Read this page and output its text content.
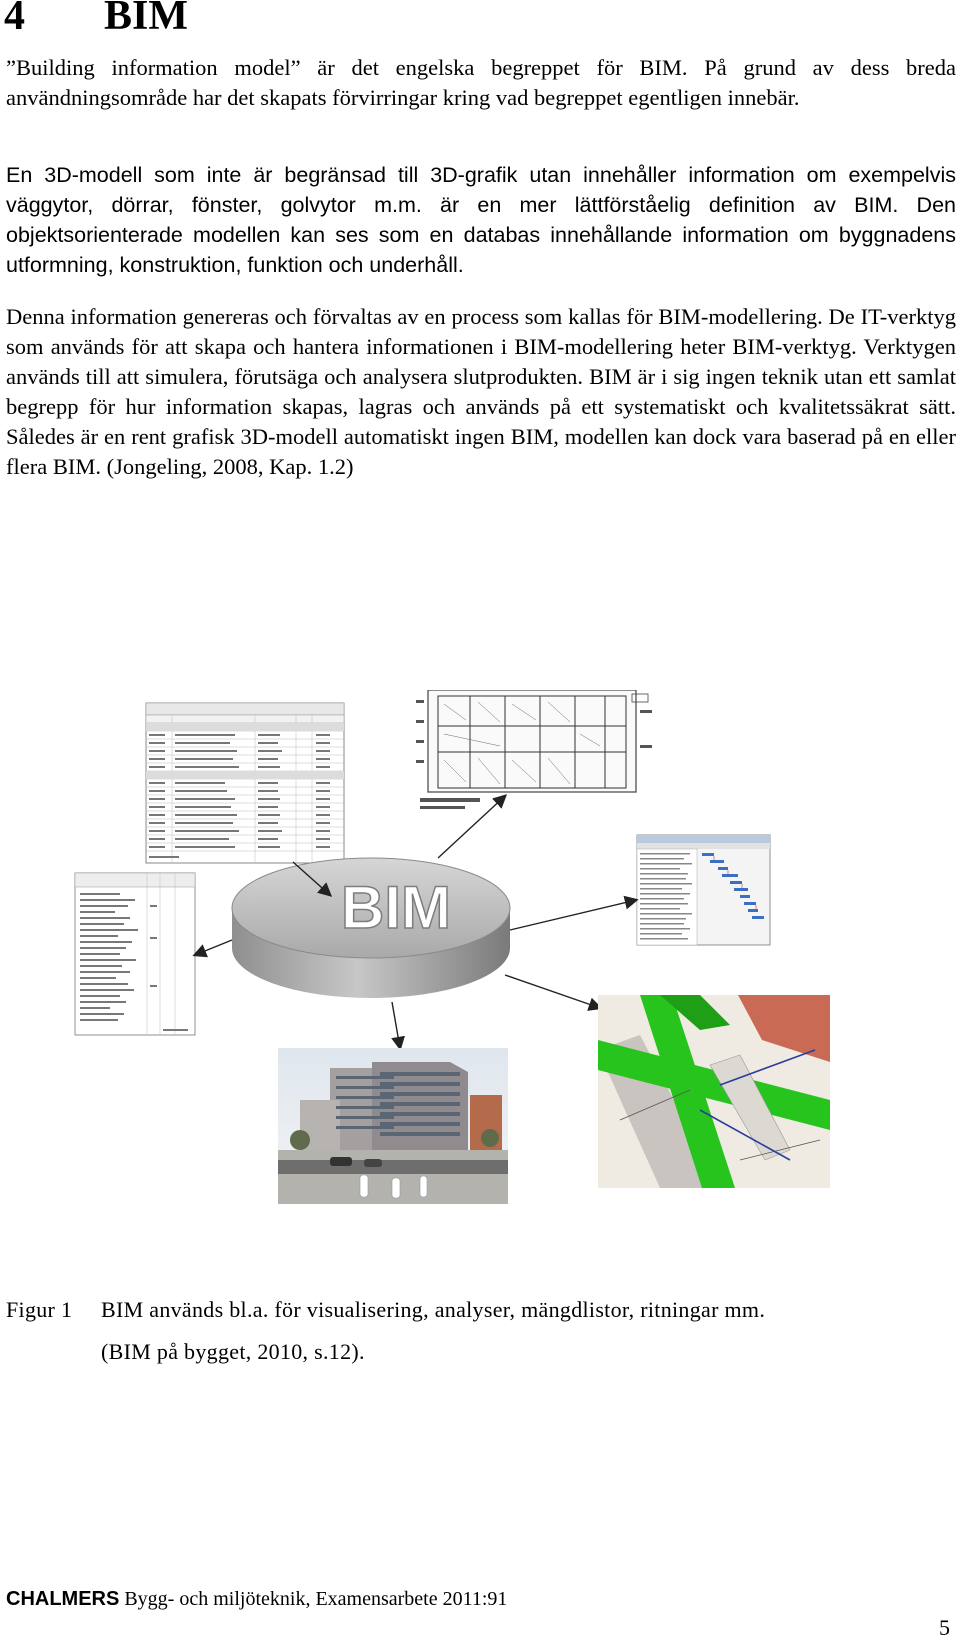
4 BIM

”Building information model” är det engelska begreppet för BIM. På grund av dess breda användningsområde har det skapats förvirringar kring vad begreppet egentligen innebär.

En 3D-modell som inte är begränsad till 3D-grafik utan innehåller information om exempelvis väggytor, dörrar, fönster, golvytor m.m. är en mer lättförståelig definition av BIM. Den objektsorienterade modellen kan ses som en databas innehållande information om byggnadens utformning, konstruktion, funktion och underhåll.

Denna information genereras och förvaltas av en process som kallas för BIM-modellering. De IT-verktyg som används för att skapa och hantera informationen i BIM-modellering heter BIM-verktyg. Verktygen används till att simulera, förutsäga och analysera slutprodukten. BIM är i sig ingen teknik utan ett samlat begrepp för hur information skapas, lagras och används på ett systematiskt och kvalitetssäkrat sätt. Således är en rent grafisk 3D-modell automatiskt ingen BIM, modellen kan dock vara baserad på en eller flera BIM. (Jongeling, 2008, Kap. 1.2)

BIM
Figur 1 BIM används bl.a. för visualisering, analyser, mängdlistor, ritningar mm.
(BIM på bygget, 2010, s.12).
CHALMERS Bygg- och miljöteknik, Examensarbete 2011:91
5
